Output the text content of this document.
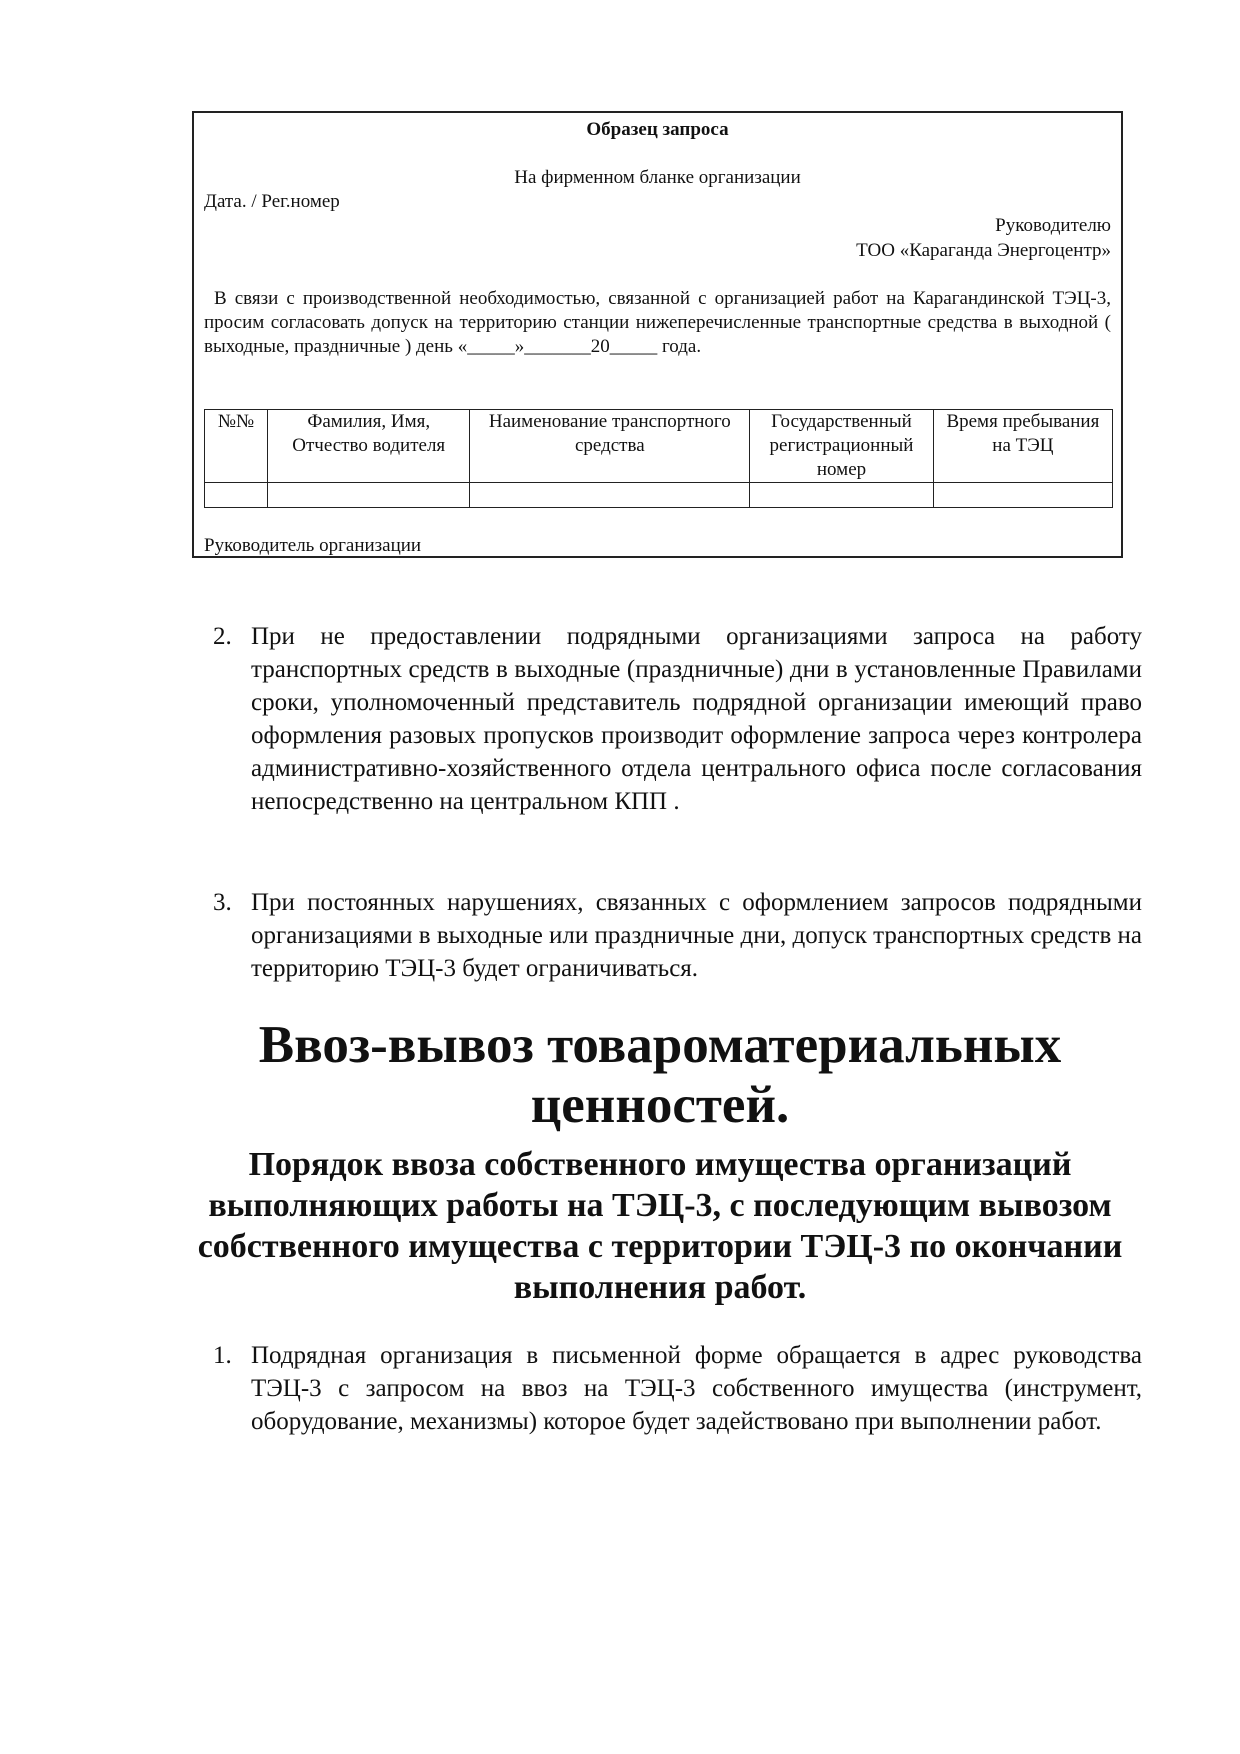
Образец запроса
На фирменном бланке организации
Дата. / Рег.номер
Руководителю
ТОО «Караганда Энергоцентр»
В связи с производственной необходимостью, связанной с организацией работ на Карагандинской ТЭЦ-3, просим согласовать допуск на территорию станции нижеперечисленные транспортные средства в выходной ( выходные, праздничные ) день «_____»_______20_____ года.
№№	Фамилия, Имя, Отчество водителя	Наименование транспортного средства	Государственный регистрационный номер	Время пребывания на ТЭЦ

Руководитель организации
2. При не предоставлении подрядными организациями запроса на работу транспортных средств в выходные (праздничные) дни в установленные Правилами сроки, уполномоченный представитель подрядной организации имеющий право оформления разовых пропусков производит оформление запроса через контролера административно-хозяйственного отдела центрального офиса после согласования непосредственно на центральном КПП .
3. При постоянных нарушениях, связанных с оформлением запросов подрядными организациями в выходные или праздничные дни, допуск транспортных средств на территорию ТЭЦ-3 будет ограничиваться.
Ввоз-вывоз товароматериальных ценностей.
Порядок ввоза собственного имущества организаций выполняющих работы на ТЭЦ-3, с последующим вывозом собственного имущества с территории ТЭЦ-3 по окончании выполнения работ.
1. Подрядная организация в письменной форме обращается в адрес руководства ТЭЦ-3 с запросом на ввоз на ТЭЦ-3 собственного имущества (инструмент, оборудование, механизмы) которое будет задействовано при выполнении работ.
